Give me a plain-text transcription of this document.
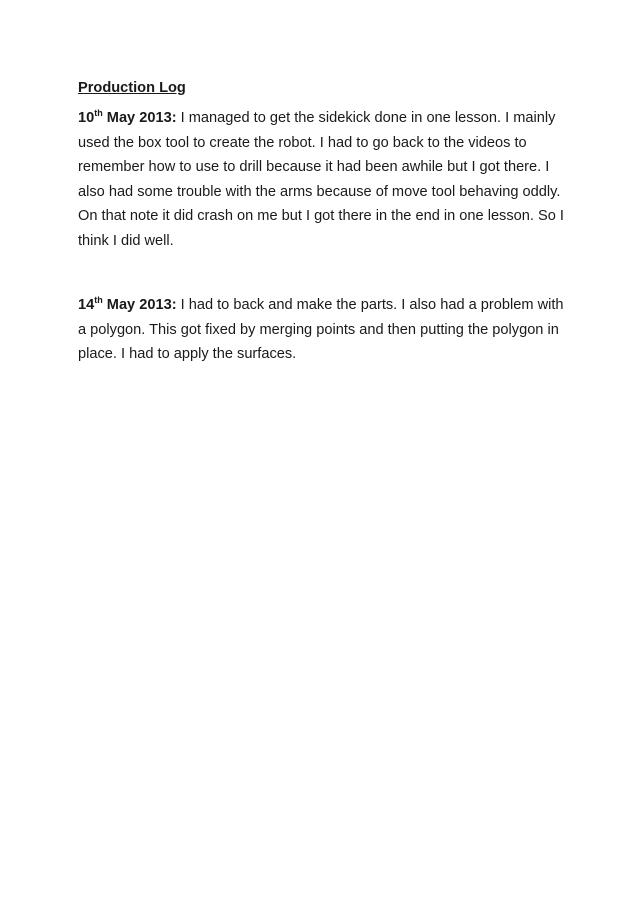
Production Log

10th May 2013: I managed to get the sidekick done in one lesson. I mainly used the box tool to create the robot. I had to go back to the videos to remember how to use to drill because it had been awhile but I got there. I also had some trouble with the arms because of move tool behaving oddly. On that note it did crash on me but I got there in the end in one lesson. So I think I did well.

14th May 2013: I had to back and make the parts. I also had a problem with a polygon. This got fixed by merging points and then putting the polygon in place. I had to apply the surfaces.
